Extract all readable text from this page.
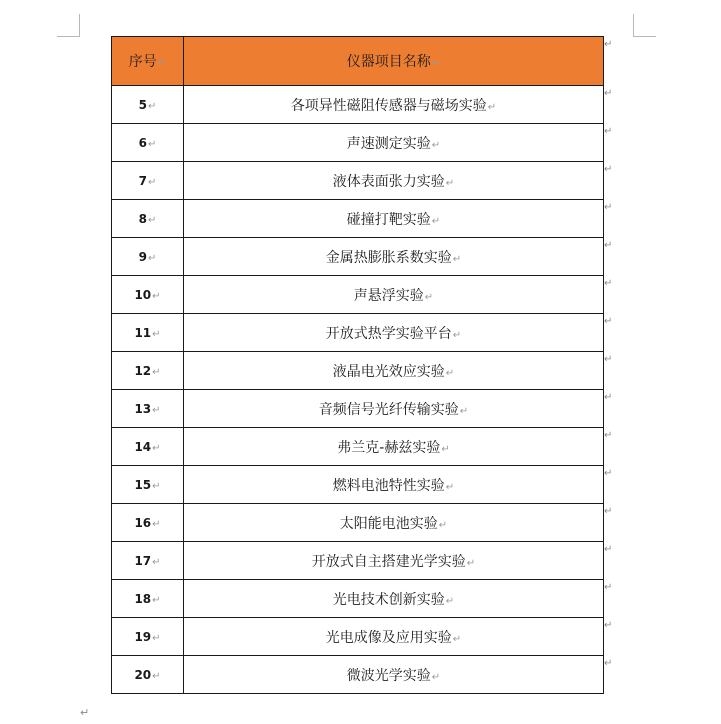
序号↵	仪器项目名称↵
5↵	各项异性磁阻传感器与磁场实验↵
6↵	声速测定实验↵
7↵	液体表面张力实验↵
8↵	碰撞打靶实验↵
9↵	金属热膨胀系数实验↵
10↵	声悬浮实验↵
11↵	开放式热学实验平台↵
12↵	液晶电光效应实验↵
13↵	音频信号光纤传输实验↵
14↵	弗兰克-赫兹实验↵
15↵	燃料电池特性实验↵
16↵	太阳能电池实验↵
17↵	开放式自主搭建光学实验↵
18↵	光电技术创新实验↵
19↵	光电成像及应用实验↵
20↵	微波光学实验↵
↵
↵
↵
↵
↵
↵
↵
↵
↵
↵
↵
↵
↵
↵
↵
↵
↵
↵
